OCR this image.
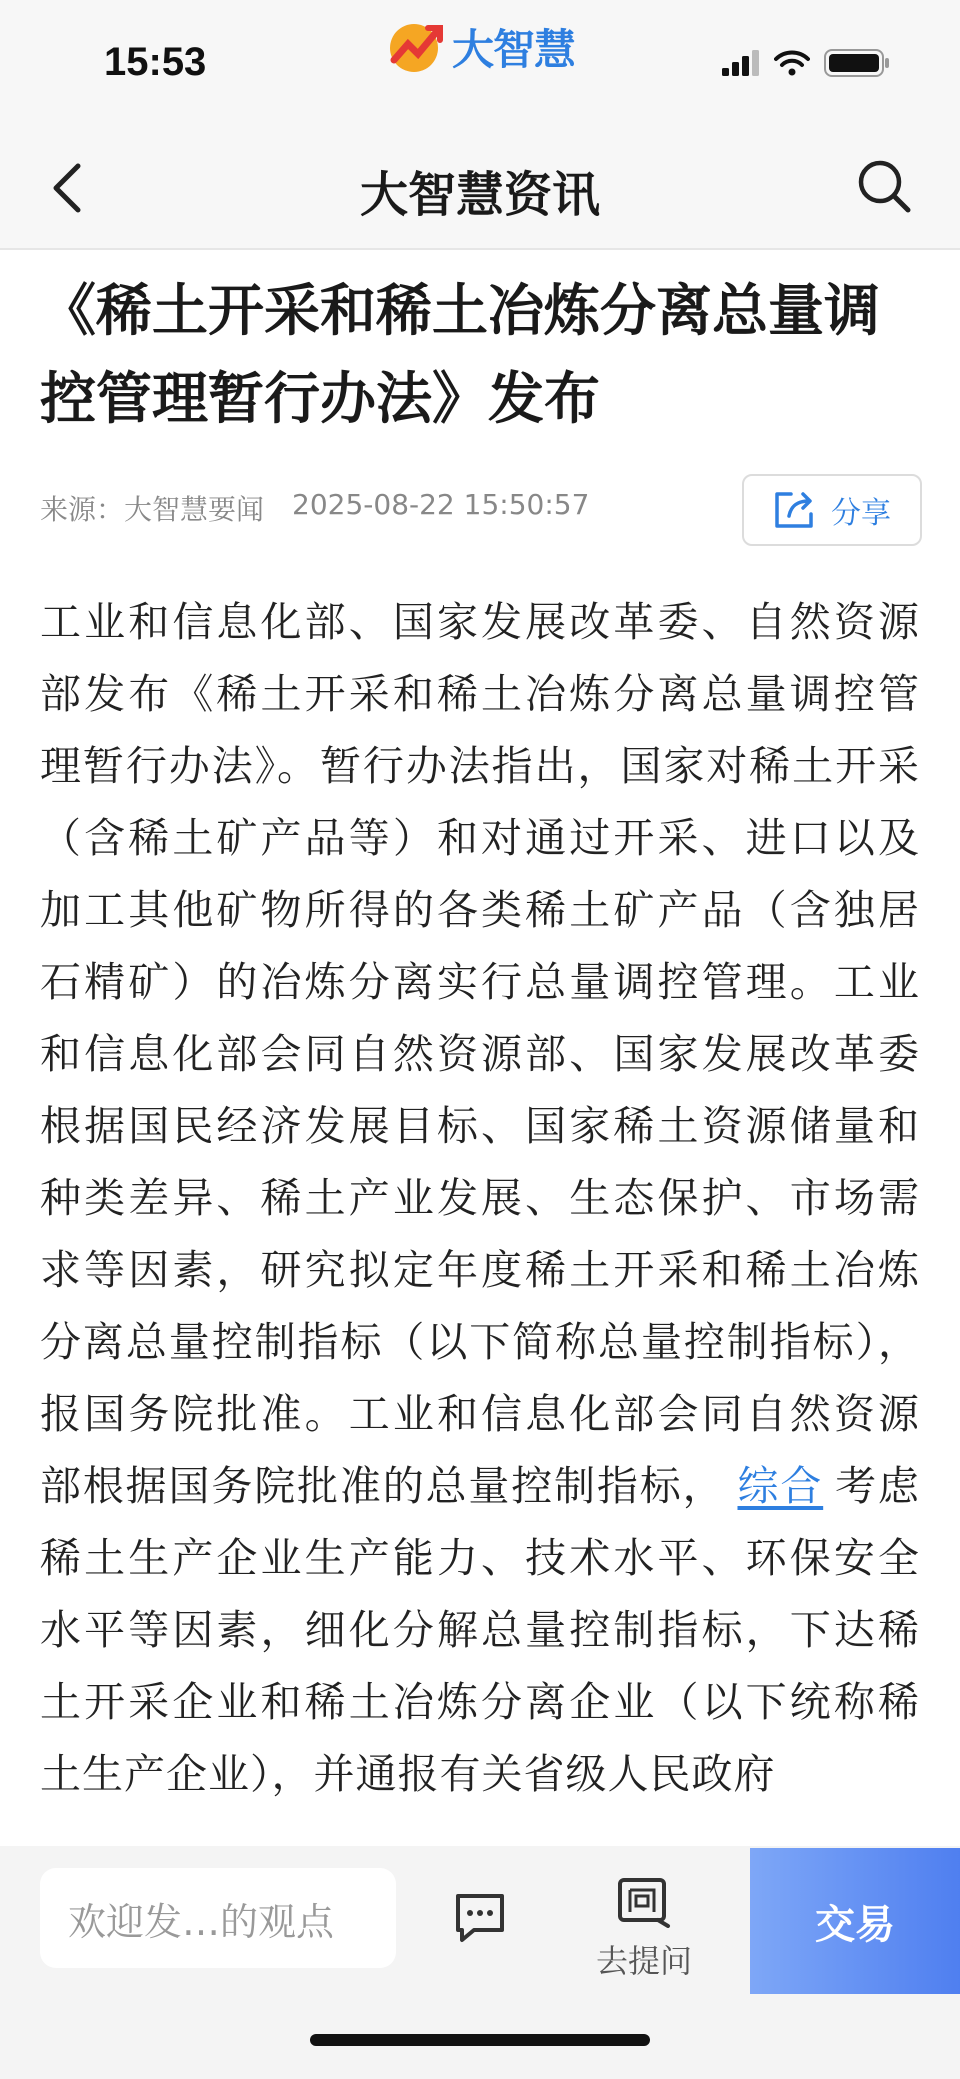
15:53	大智慧
大智慧资讯
《稀土开采和稀土冶炼分离总量调控管理暂行办法》发布
来源：大智慧要闻 2025-08-22 15:50:57	分享
工业和信息化部、国家发展改革委、自然资源部发布《稀土开采和稀土冶炼分离总量调控管理暂行办法》。暂行办法指出，国家对稀土开采（含稀土矿产品等）和对通过开采、进口以及加工其他矿物所得的各类稀土矿产品（含独居石精矿）的冶炼分离实行总量调控管理。工业和信息化部会同自然资源部、国家发展改革委根据国民经济发展目标、国家稀土资源储量和种类差异、稀土产业发展、生态保护、市场需求等因素，研究拟定年度稀土开采和稀土冶炼分离总量控制指标（以下简称总量控制指标），报国务院批准。工业和信息化部会同自然资源部根据国务院批准的总量控制指标， 综合 考虑稀土生产企业生产能力、技术水平、环保安全水平等因素，细化分解总量控制指标，下达稀土开采企业和稀土冶炼分离企业（以下统称稀土生产企业），并通报有关省级人民政府
欢迎发…的观点
去提问
交易
